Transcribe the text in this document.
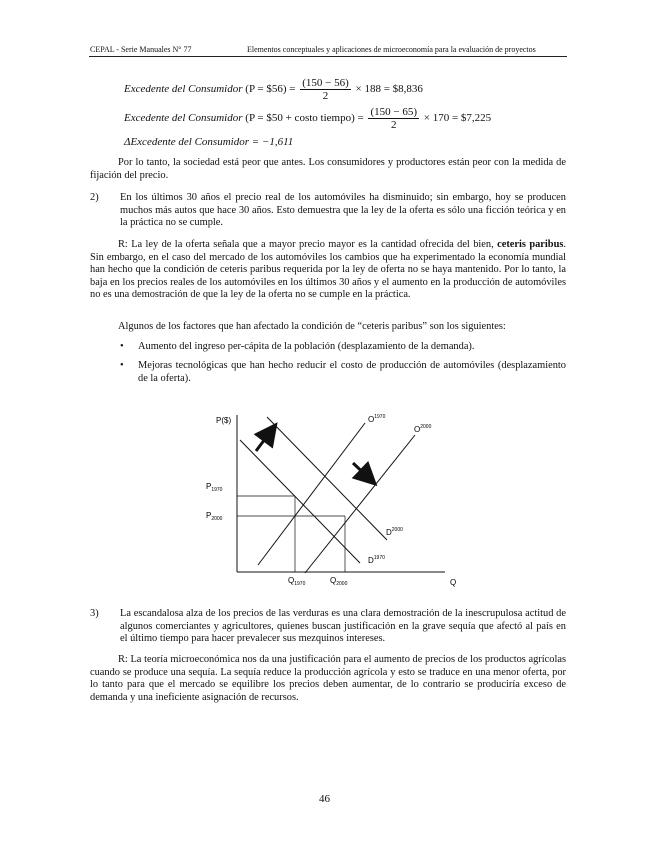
CEPAL - Serie Manuales N° 77	Elementos conceptuales y aplicaciones de microeconomía para la evaluación de proyectos
Excedente del Consumidor (P = $56) = $\frac{(150 - 56)}{2} \times 188$ = $8,836
Excedente del Consumidor (P = $50 + costo tiempo) = $\frac{(150 - 65)}{2} \times 170$ = $7,225
ΔExcedente del Consumidor = −1,611
Por lo tanto, la sociedad está peor que antes. Los consumidores y productores están peor con la medida de fijación del precio.
2) En los últimos 30 años el precio real de los automóviles ha disminuido; sin embargo, hoy se producen muchos más autos que hace 30 años. Esto demuestra que la ley de la oferta es sólo una ficción teórica y en la práctica no se cumple.
R: La ley de la oferta señala que a mayor precio mayor es la cantidad ofrecida del bien, ceteris paribus. Sin embargo, en el caso del mercado de los automóviles los cambios que ha experimentado la economía mundial han hecho que la condición de ceteris paribus requerida por la ley de oferta no se haya mantenido. Por lo tanto, la baja en los precios reales de los automóviles en los últimos 30 años y el aumento en la producción de automóviles no es una demostración de que la ley de la oferta no se cumple en la práctica.
Algunos de los factores que han afectado la condición de “ceteris paribus” son los siguientes:
• Aumento del ingreso per-cápita de la población (desplazamiento de la demanda).
• Mejoras tecnológicas que han hecho reducir el costo de producción de automóviles (desplazamiento de la oferta).
P($)
Q
$O^{1970}$
$O^{2000}$
$D^{2000}$
$D^{1970}$
$P_{1970}$
$P_{2000}$
$Q_{1970}$	$Q_{2000}$
3) La escandalosa alza de los precios de las verduras es una clara demostración de la inescrupulosa actitud de algunos comerciantes y agricultores, quienes buscan justificación en la grave sequía que afectó al país en el último tiempo para hacer prevalecer sus mezquinos intereses.
R: La teoría microeconómica nos da una justificación para el aumento de precios de los productos agrícolas cuando se produce una sequía. La sequía reduce la producción agrícola y esto se traduce en una menor oferta, por lo tanto para que el mercado se equilibre los precios deben aumentar, de lo contrario se produciría exceso de demanda y una ineficiente asignación de recursos.
46
